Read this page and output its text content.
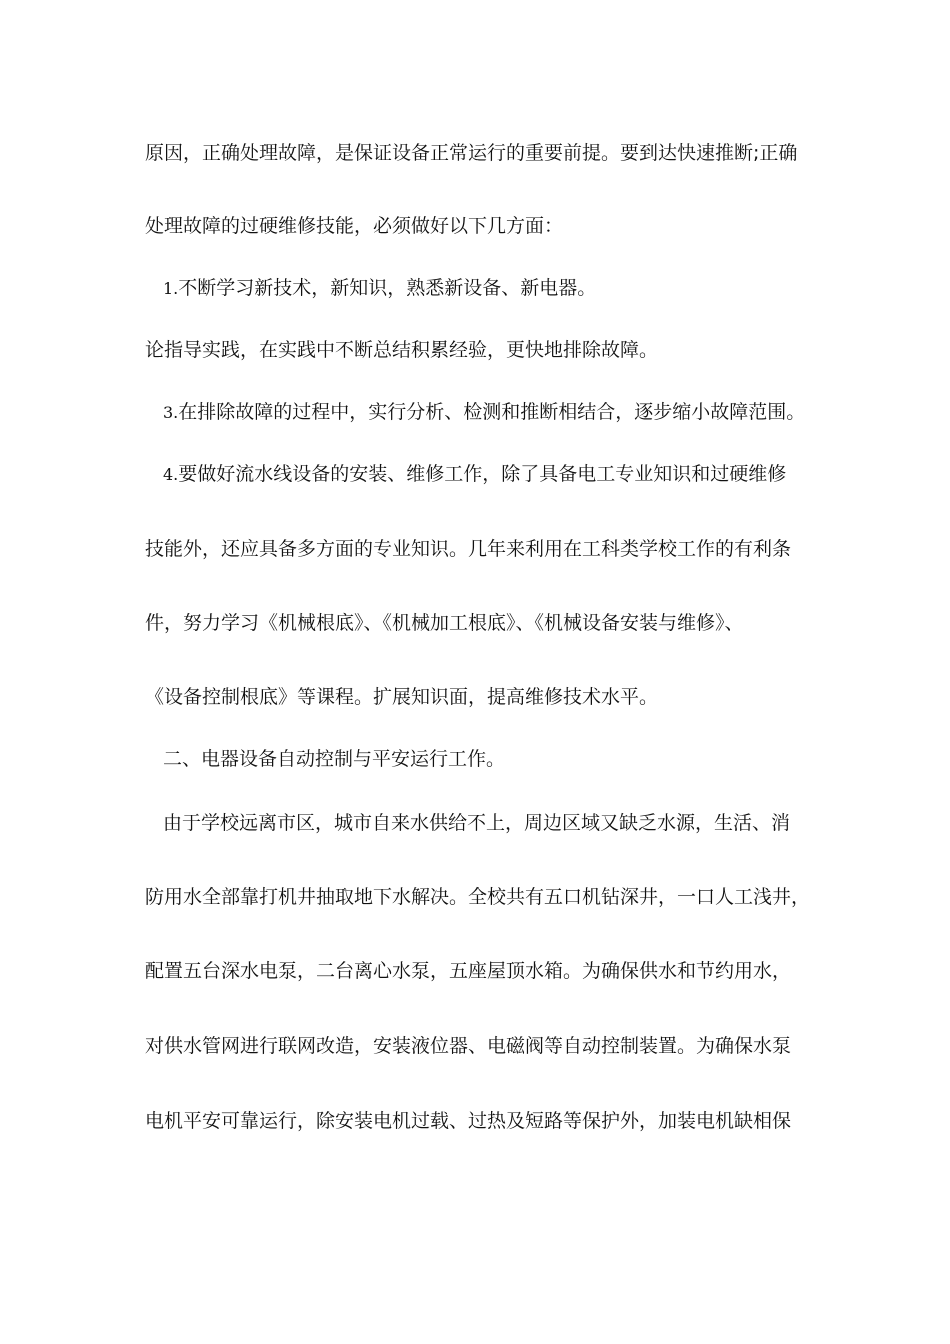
原因，正确处理故障，是保证设备正常运行的重要前提。要到达快速推断;正确
处理故障的过硬维修技能，必须做好以下几方面：
1.不断学习新技术，新知识，熟悉新设备、新电器。
论指导实践，在实践中不断总结积累经验，更快地排除故障。
3.在排除故障的过程中，实行分析、检测和推断相结合，逐步缩小故障范围。
4.要做好流水线设备的安装、维修工作，除了具备电工专业知识和过硬维修
技能外，还应具备多方面的专业知识。几年来利用在工科类学校工作的有利条
件，努力学习《机械根底》、《机械加工根底》、《机械设备安装与维修》、
《设备控制根底》等课程。扩展知识面，提高维修技术水平。
二、电器设备自动控制与平安运行工作。
由于学校远离市区，城市自来水供给不上，周边区域又缺乏水源，生活、消
防用水全部靠打机井抽取地下水解决。全校共有五口机钻深井，一口人工浅井，
配置五台深水电泵，二台离心水泵，五座屋顶水箱。为确保供水和节约用水，
对供水管网进行联网改造，安装液位器、电磁阀等自动控制装置。为确保水泵
电机平安可靠运行，除安装电机过载、过热及短路等保护外，加装电机缺相保
